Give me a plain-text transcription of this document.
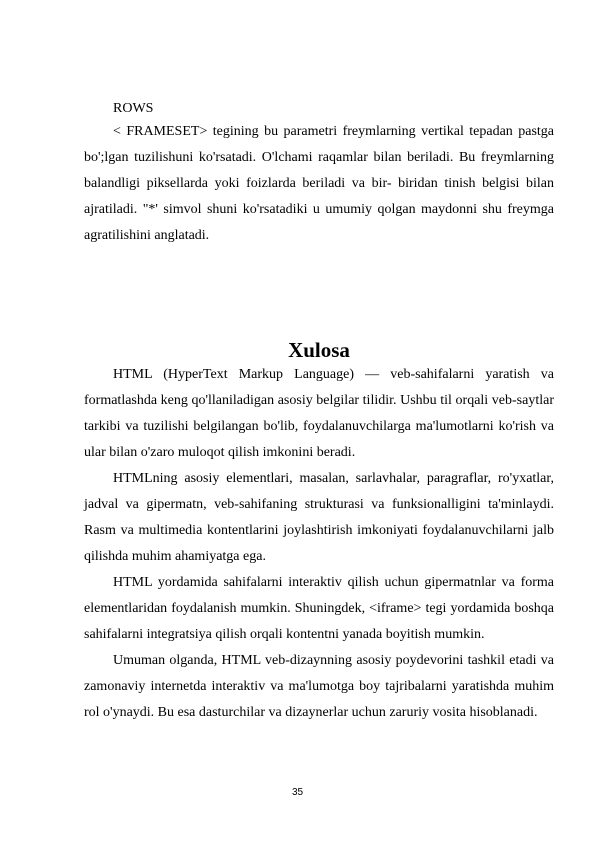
ROWS

< FRAMESET> tegining bu parametri freymlarning vertikal tepadan pastga bo';lgan tuzilishuni ko'rsatadi. O'lchami raqamlar bilan beriladi. Bu freymlarning balandligi piksellarda yoki foizlarda beriladi va bir- biridan tinish belgisi bilan ajratiladi. "*' simvol shuni ko'rsatadiki u umumiy qolgan maydonni shu freymga agratilishini anglatadi.

Xulosa

HTML (HyperText Markup Language) — veb-sahifalarni yaratish va formatlashda keng qo'llaniladigan asosiy belgilar tilidir. Ushbu til orqali veb-saytlar tarkibi va tuzilishi belgilangan bo'lib, foydalanuvchilarga ma'lumotlarni ko'rish va ular bilan o'zaro muloqot qilish imkonini beradi.

HTMLning asosiy elementlari, masalan, sarlavhalar, paragraflar, ro'yxatlar, jadval va gipermatn, veb-sahifaning strukturasi va funksionalligini ta'minlaydi. Rasm va multimedia kontentlarini joylashtirish imkoniyati foydalanuvchilarni jalb qilishda muhim ahamiyatga ega.

HTML yordamida sahifalarni interaktiv qilish uchun gipermatnlar va forma elementlaridan foydalanish mumkin. Shuningdek, <iframe> tegi yordamida boshqa sahifalarni integratsiya qilish orqali kontentni yanada boyitish mumkin.

Umuman olganda, HTML veb-dizaynning asosiy poydevorini tashkil etadi va zamonaviy internetda interaktiv va ma'lumotga boy tajribalarni yaratishda muhim rol o'ynaydi. Bu esa dasturchilar va dizaynerlar uchun zaruriy vosita hisoblanadi.

35
